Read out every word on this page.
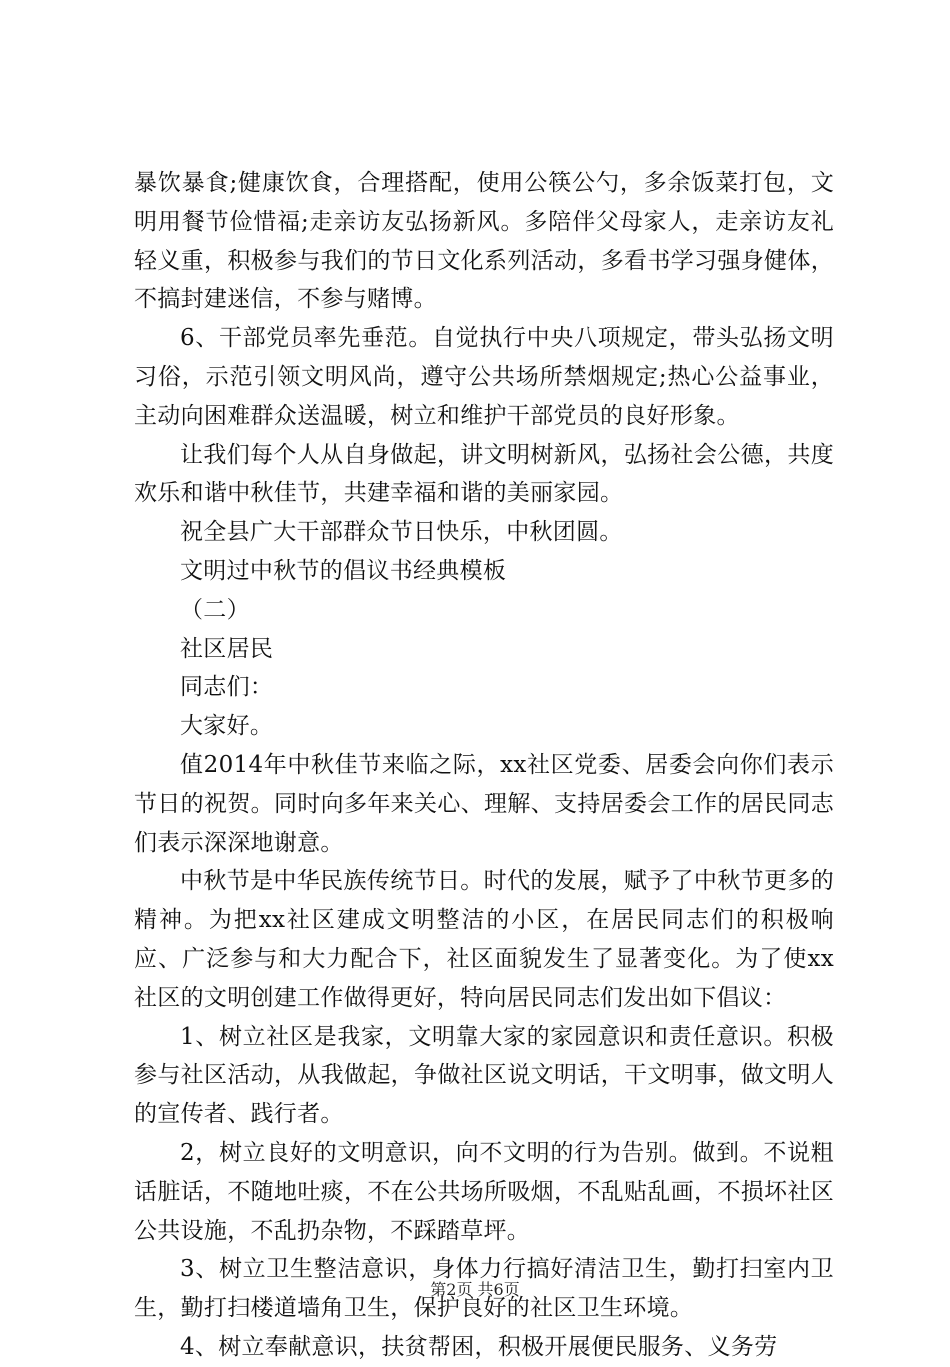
暴饮暴食;健康饮食，合理搭配，使用公筷公勺，多余饭菜打包，文明用餐节俭惜福;走亲访友弘扬新风。多陪伴父母家人，走亲访友礼轻义重，积极参与我们的节日文化系列活动，多看书学习强身健体，不搞封建迷信，不参与赌博。

6、干部党员率先垂范。自觉执行中央八项规定，带头弘扬文明习俗，示范引领文明风尚，遵守公共场所禁烟规定;热心公益事业，主动向困难群众送温暖，树立和维护干部党员的良好形象。

让我们每个人从自身做起，讲文明树新风，弘扬社会公德，共度欢乐和谐中秋佳节，共建幸福和谐的美丽家园。

祝全县广大干部群众节日快乐，中秋团圆。

文明过中秋节的倡议书经典模板

（二）

社区居民

同志们：

大家好。

值2014年中秋佳节来临之际，xx社区党委、居委会向你们表示节日的祝贺。同时向多年来关心、理解、支持居委会工作的居民同志们表示深深地谢意。

中秋节是中华民族传统节日。时代的发展，赋予了中秋节更多的精神。为把xx社区建成文明整洁的小区，在居民同志们的积极响应、广泛参与和大力配合下，社区面貌发生了显著变化。为了使xx社区的文明创建工作做得更好，特向居民同志们发出如下倡议：

1、树立社区是我家，文明靠大家的家园意识和责任意识。积极参与社区活动，从我做起，争做社区说文明话，干文明事，做文明人的宣传者、践行者。

2，树立良好的文明意识，向不文明的行为告别。做到。不说粗话脏话，不随地吐痰，不在公共场所吸烟，不乱贴乱画，不损坏社区公共设施，不乱扔杂物，不踩踏草坪。

3、树立卫生整洁意识，身体力行搞好清洁卫生，勤打扫室内卫生，勤打扫楼道墙角卫生，保护良好的社区卫生环境。

4、树立奉献意识，扶贫帮困，积极开展便民服务、义务劳

第2页 共6页
